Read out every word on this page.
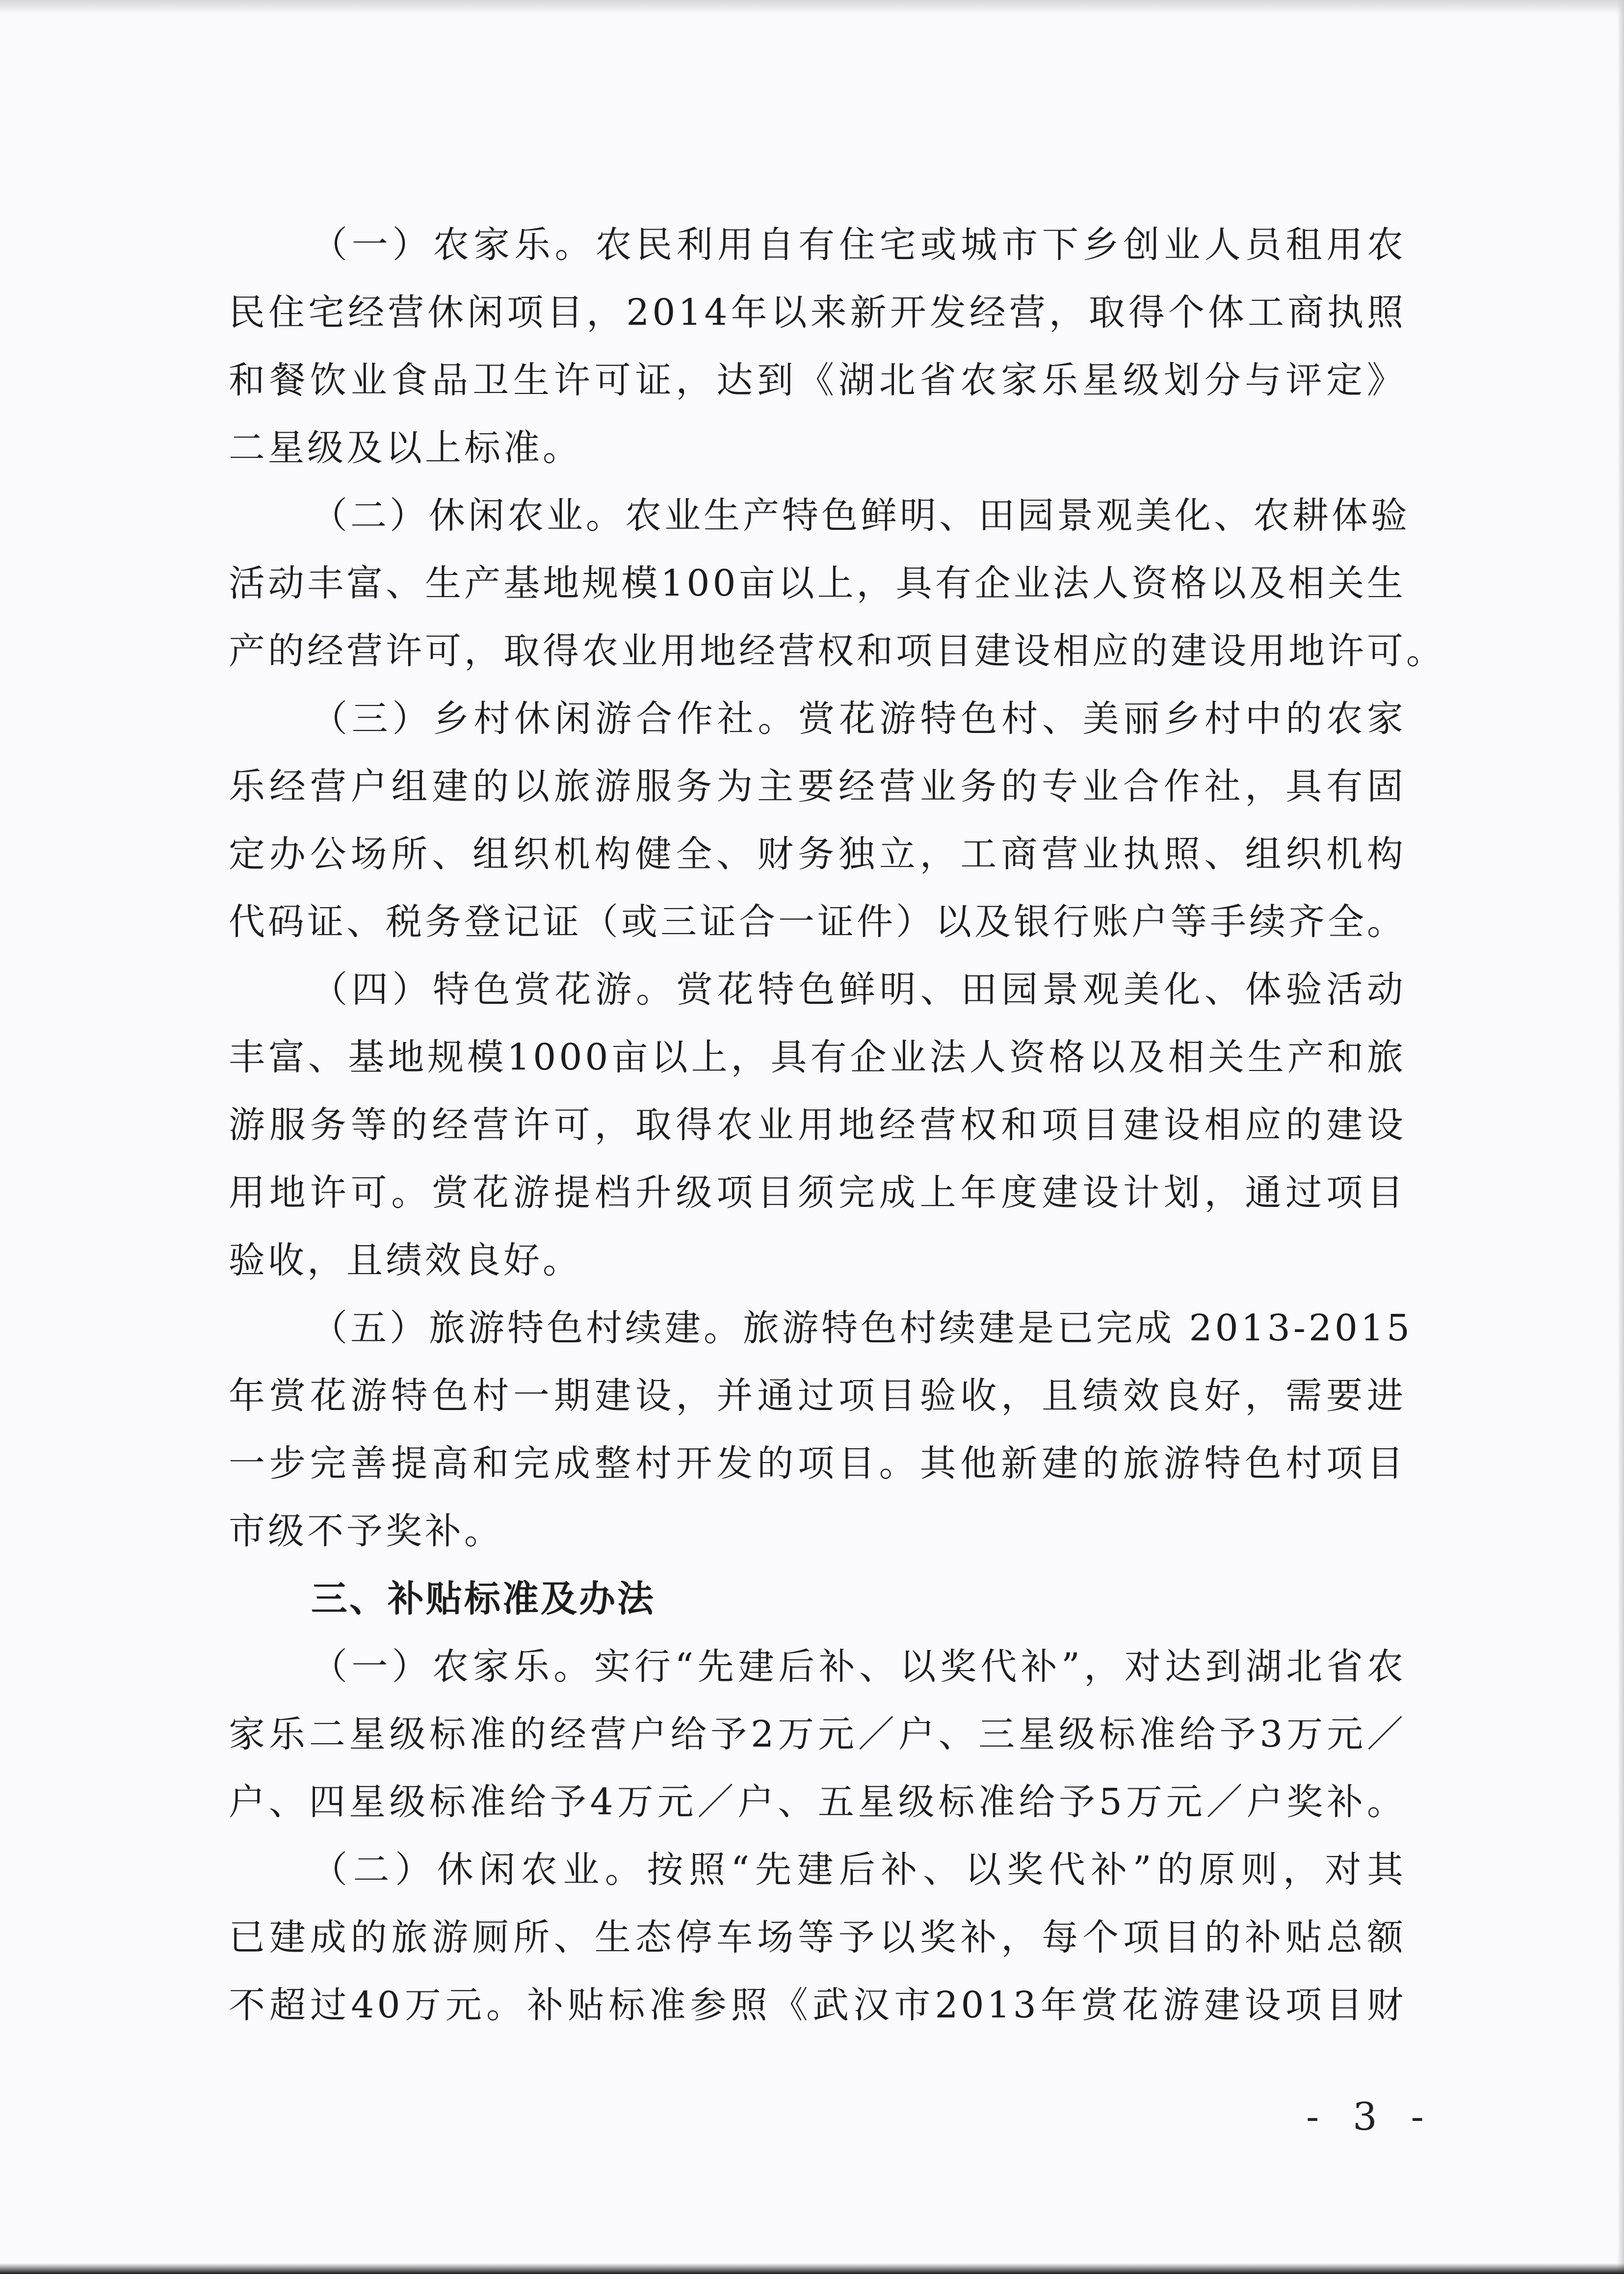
（一）农家乐。农民利用自有住宅或城市下乡创业人员租用农
民住宅经营休闲项目，2014年以来新开发经营，取得个体工商执照
和餐饮业食品卫生许可证，达到《湖北省农家乐星级划分与评定》
二星级及以上标准。
（二）休闲农业。农业生产特色鲜明、田园景观美化、农耕体验
活动丰富、生产基地规模100亩以上，具有企业法人资格以及相关生
产的经营许可，取得农业用地经营权和项目建设相应的建设用地许可。
（三）乡村休闲游合作社。赏花游特色村、美丽乡村中的农家
乐经营户组建的以旅游服务为主要经营业务的专业合作社，具有固
定办公场所、组织机构健全、财务独立，工商营业执照、组织机构
代码证、税务登记证（或三证合一证件）以及银行账户等手续齐全。
（四）特色赏花游。赏花特色鲜明、田园景观美化、体验活动
丰富、基地规模1000亩以上，具有企业法人资格以及相关生产和旅
游服务等的经营许可，取得农业用地经营权和项目建设相应的建设
用地许可。赏花游提档升级项目须完成上年度建设计划，通过项目
验收，且绩效良好。
（五）旅游特色村续建。旅游特色村续建是已完成 2013-2015
年赏花游特色村一期建设，并通过项目验收，且绩效良好，需要进
一步完善提高和完成整村开发的项目。其他新建的旅游特色村项目
市级不予奖补。
三、补贴标准及办法
（一）农家乐。实行“先建后补、以奖代补”，对达到湖北省农
家乐二星级标准的经营户给予2万元／户、三星级标准给予3万元／
户、四星级标准给予4万元／户、五星级标准给予5万元／户奖补。
（二）休闲农业。按照“先建后补、以奖代补”的原则，对其
已建成的旅游厕所、生态停车场等予以奖补，每个项目的补贴总额
不超过40万元。补贴标准参照《武汉市2013年赏花游建设项目财
- 3 -
